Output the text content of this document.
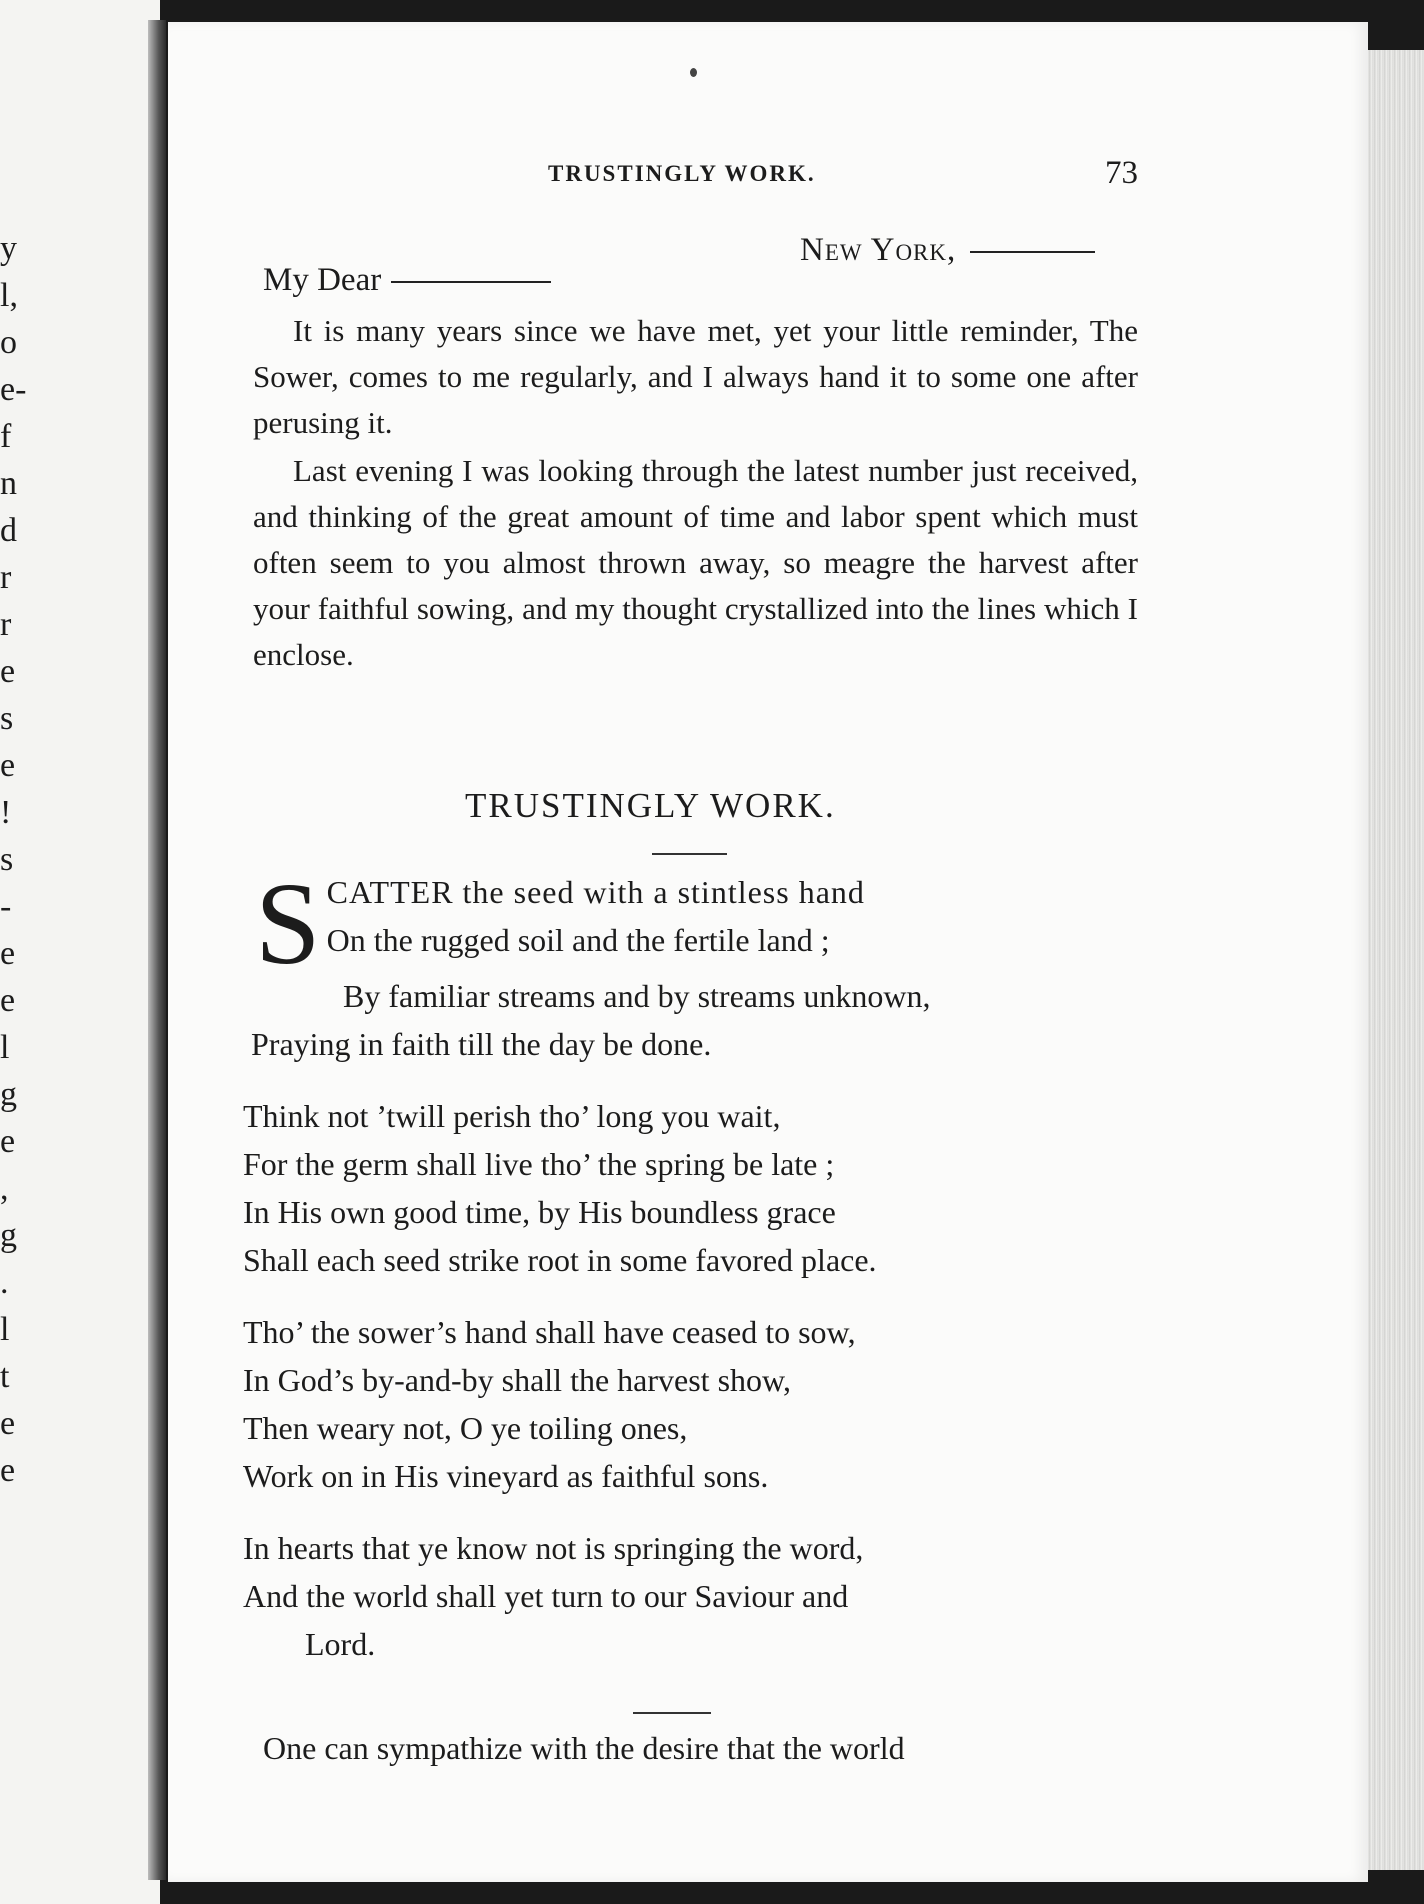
y
l,
o
e-
f
n
d
r
r
e
s
e
!
s
-
e
e
l
g
e
,
g
.
l
t
e
e
TRUSTINGLY WORK.	73
New York,
My Dear

It is many years since we have met, yet your little reminder, The Sower, comes to me regularly, and I always hand it to some one after perusing it.

Last evening I was looking through the latest number just received, and thinking of the great amount of time and labor spent which must often seem to you almost thrown away, so meagre the harvest after your faithful sowing, and my thought crystallized into the lines which I enclose.

TRUSTINGLY WORK.
S CATTER the seed with a stintless hand
On the rugged soil and the fertile land ;
By familiar streams and by streams unknown,
Praying in faith till the day be done.
Think not ’twill perish tho’ long you wait,
For the germ shall live tho’ the spring be late ;
In His own good time, by His boundless grace
Shall each seed strike root in some favored place.
Tho’ the sower’s hand shall have ceased to sow,
In God’s by-and-by shall the harvest show,
Then weary not, O ye toiling ones,
Work on in His vineyard as faithful sons.
In hearts that ye know not is springing the word,
And the world shall yet turn to our Saviour and
Lord.
One can sympathize with the desire that the world
